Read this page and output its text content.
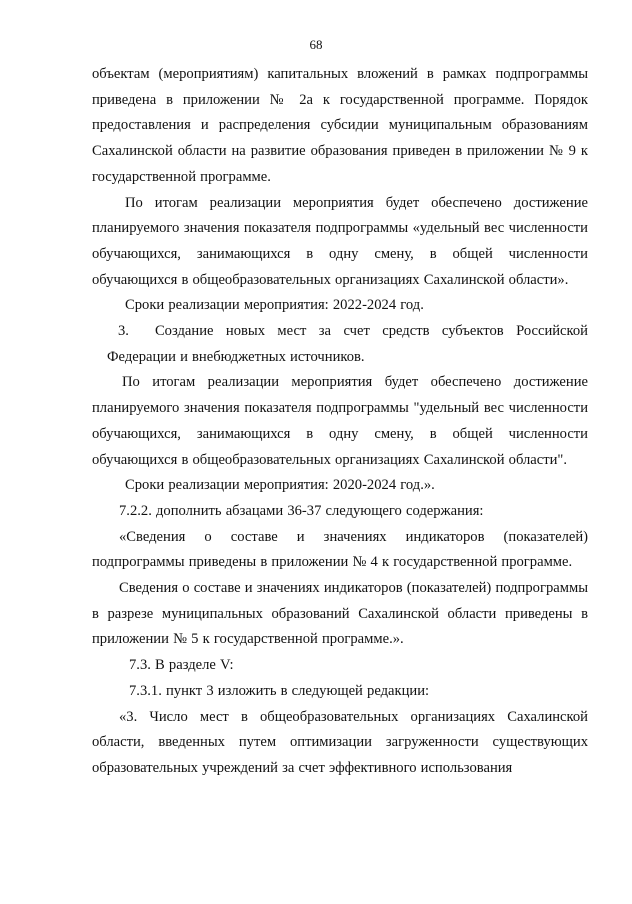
68

объектам (мероприятиям) капитальных вложений в рамках подпрограммы приведена в приложении № 2а к государственной программе. Порядок предоставления и распределения субсидии муниципальным образованиям Сахалинской области на развитие образования приведен в приложении № 9 к государственной программе.

По итогам реализации мероприятия будет обеспечено достижение планируемого значения показателя подпрограммы «удельный вес численности обучающихся, занимающихся в одну смену, в общей численности обучающихся в общеобразовательных организациях Сахалинской области».

Сроки реализации мероприятия: 2022-2024 год.

3. Создание новых мест за счет средств субъектов Российской Федерации и внебюджетных источников.

По итогам реализации мероприятия будет обеспечено достижение планируемого значения показателя подпрограммы "удельный вес численности обучающихся, занимающихся в одну смену, в общей численности обучающихся в общеобразовательных организациях Сахалинской области".

Сроки реализации мероприятия: 2020-2024 год.».

7.2.2. дополнить абзацами 36-37 следующего содержания:

«Сведения о составе и значениях индикаторов (показателей) подпрограммы приведены в приложении № 4 к государственной программе.

Сведения о составе и значениях индикаторов (показателей) подпрограммы в разрезе муниципальных образований Сахалинской области приведены в приложении № 5 к государственной программе.».

7.3. В разделе V:

7.3.1. пункт 3 изложить в следующей редакции:

«3. Число мест в общеобразовательных организациях Сахалинской области, введенных путем оптимизации загруженности существующих образовательных учреждений за счет эффективного использования
